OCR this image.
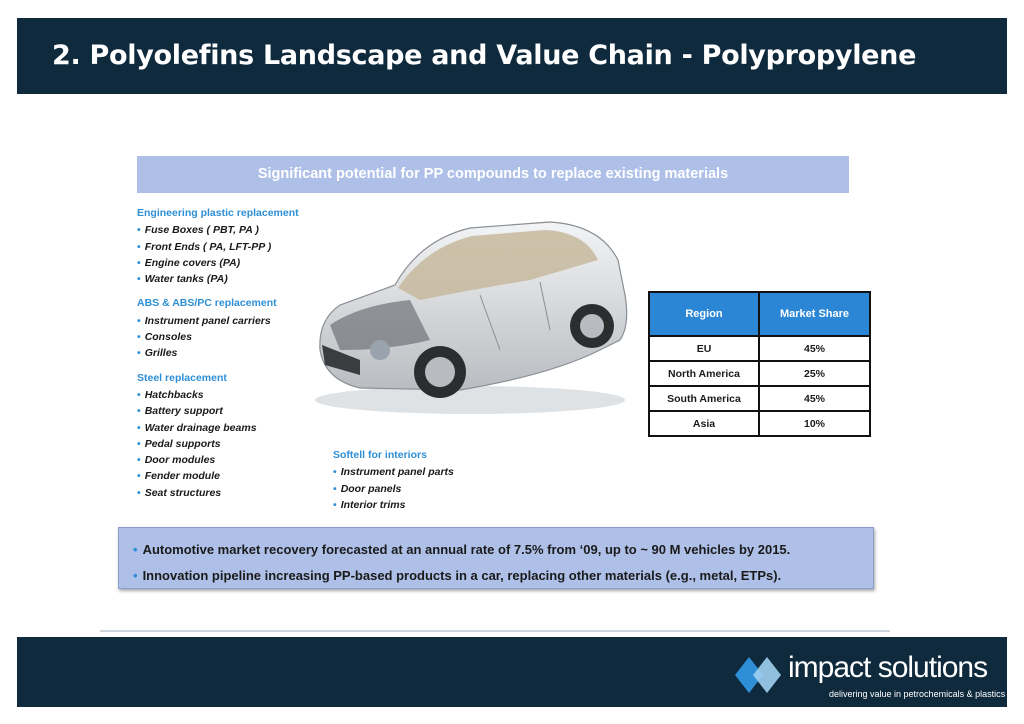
2. Polyolefins Landscape and Value Chain - Polypropylene
Significant potential for PP compounds to replace existing materials
Engineering plastic replacement
• Fuse Boxes ( PBT, PA )
• Front Ends ( PA, LFT-PP )
• Engine covers (PA)
• Water tanks (PA)
ABS & ABS/PC replacement
• Instrument panel carriers
• Consoles
• Grilles
Steel replacement
• Hatchbacks
• Battery support
• Water drainage beams
• Pedal supports
• Door modules
• Fender module
• Seat structures
Softell for interiors
• Instrument panel parts
• Door panels
• Interior trims
Region	Market Share
EU	45%
North America	25%
South America	45%
Asia	10%
• Automotive market recovery forecasted at an annual rate of 7.5% from ‘09, up to ~ 90 M vehicles by 2015.
• Innovation pipeline increasing PP-based products in a car, replacing other materials (e.g., metal, ETPs).
impact solutions
delivering value in petrochemicals & plastics
